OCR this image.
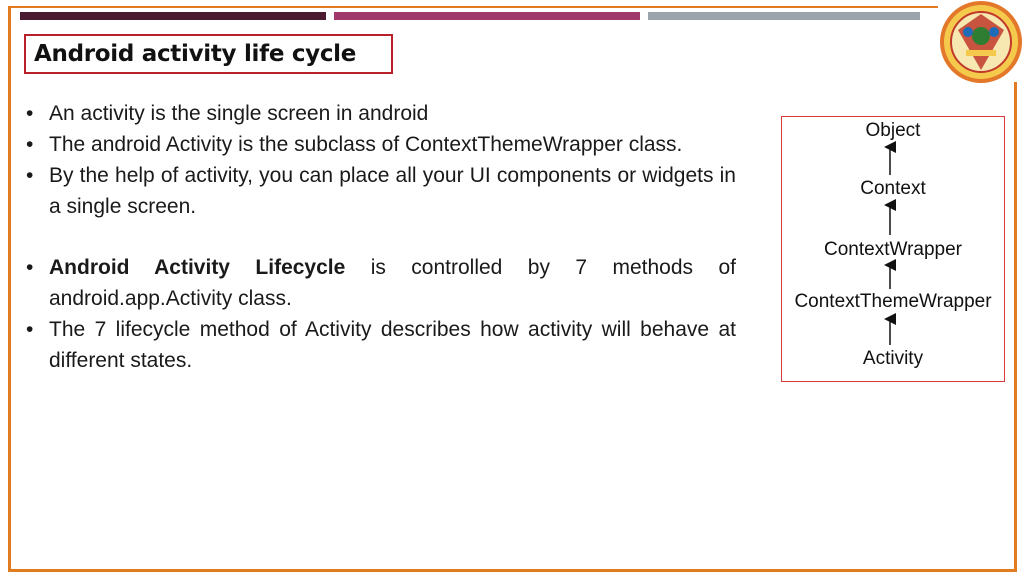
Android activity life cycle
• An activity is the single screen in android
• The android Activity is the subclass of ContextThemeWrapper class.
• By the help of activity, you can place all your UI components or widgets in a single screen.
• Android Activity Lifecycle is controlled by 7 methods of android.app.Activity class.
• The 7 lifecycle method of Activity describes how activity will behave at different states.
Object
Context
ContextWrapper
ContextThemeWrapper
Activity
